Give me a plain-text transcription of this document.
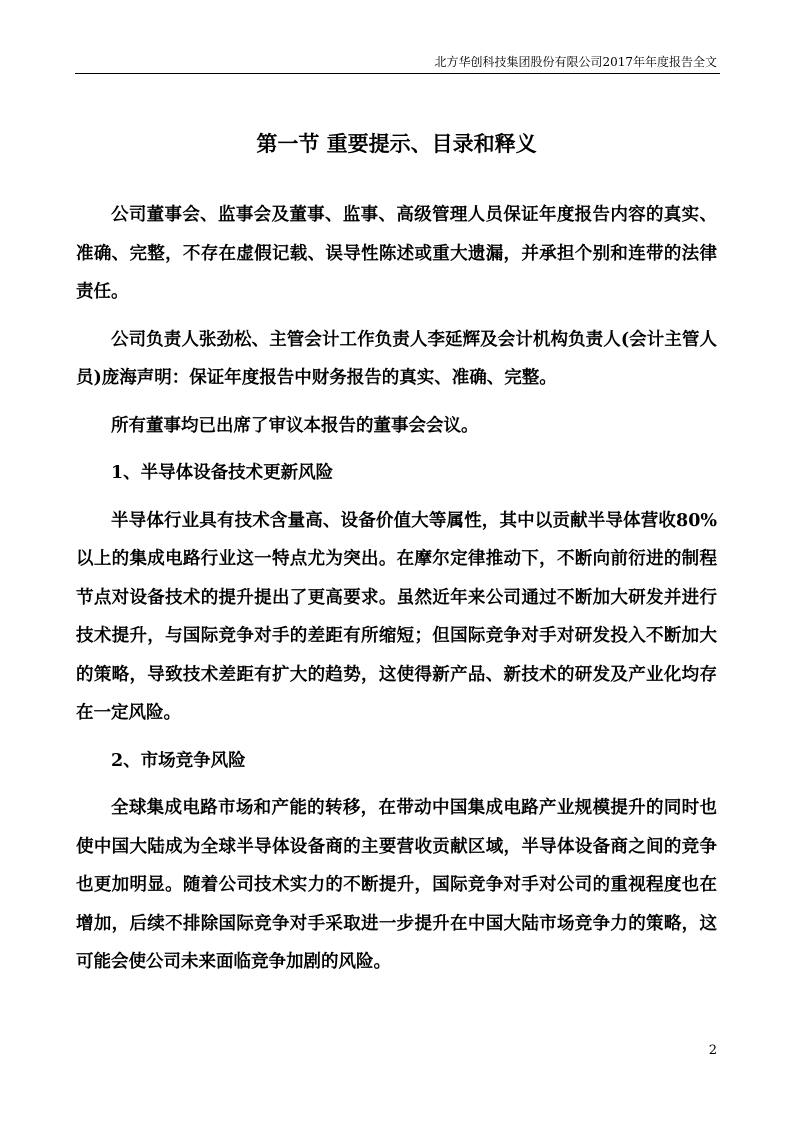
北方华创科技集团股份有限公司2017年年度报告全文
第一节 重要提示、目录和释义

公司董事会、监事会及董事、监事、高级管理人员保证年度报告内容的真实、准确、完整，不存在虚假记载、误导性陈述或重大遗漏，并承担个别和连带的法律责任。

公司负责人张劲松、主管会计工作负责人李延辉及会计机构负责人(会计主管人员)庞海声明：保证年度报告中财务报告的真实、准确、完整。

所有董事均已出席了审议本报告的董事会会议。

1、半导体设备技术更新风险

半导体行业具有技术含量高、设备价值大等属性，其中以贡献半导体营收80%以上的集成电路行业这一特点尤为突出。在摩尔定律推动下，不断向前衍进的制程节点对设备技术的提升提出了更高要求。虽然近年来公司通过不断加大研发并进行技术提升，与国际竞争对手的差距有所缩短；但国际竞争对手对研发投入不断加大的策略，导致技术差距有扩大的趋势，这使得新产品、新技术的研发及产业化均存在一定风险。

2、市场竞争风险

全球集成电路市场和产能的转移，在带动中国集成电路产业规模提升的同时也使中国大陆成为全球半导体设备商的主要营收贡献区域，半导体设备商之间的竞争也更加明显。随着公司技术实力的不断提升，国际竞争对手对公司的重视程度也在增加，后续不排除国际竞争对手采取进一步提升在中国大陆市场竞争力的策略，这可能会使公司未来面临竞争加剧的风险。

2
